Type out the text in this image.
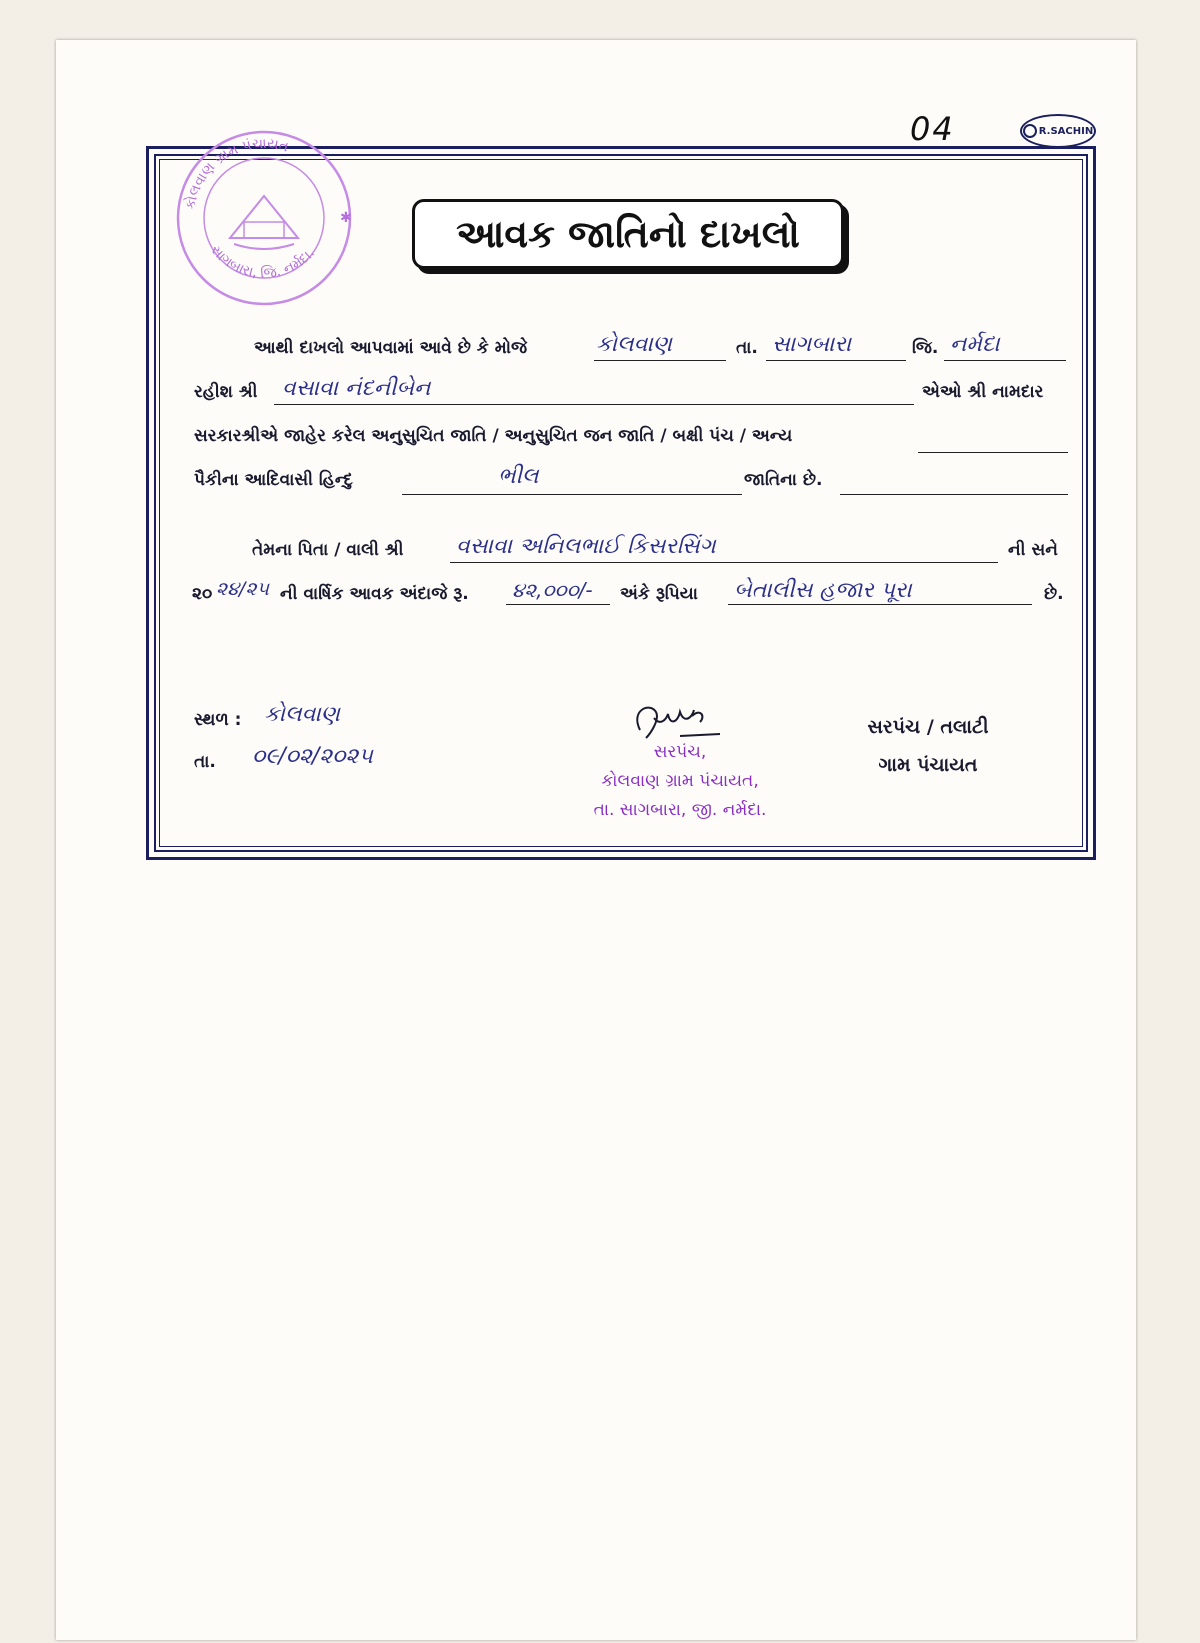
04	R.SACHIN
કોલવાણ ગ્રામ પંચાયત
સાગબારા, જિ. નર્મદા.
✱	આવક જાતિનો દાખલો
આથી દાખલો આપવામાં આવે છે કે મોજે	કોલવાણ	તા. સાગબારા	જિ. નર્મદા
રહીશ શ્રી વસાવા નંદનીબેન	એઓ શ્રી નામદાર
સરકારશ્રીએ જાહેર કરેલ અનુસુચિત જાતિ / અનુસુચિત જન જાતિ / બક્ષી પંચ / અન્ય
પૈકીના આદિવાસી હિન્દુ	ભીલ	જાતિના છે.
તેમના પિતા / વાલી શ્રી વસાવા અનિલભાઈ કિસરસિંગ	ની સને
૨૦ ૨૪/૨૫ ની વાર્ષિક આવક અંદાજે રૂ. ૪૨,૦૦૦/- અંકે રૂપિયા બેતાલીસ હજાર પૂરા	છે.
સ્થળ : કોલવાણ
તા. ૦૯/૦૨/૨૦૨૫	સરપંચ,
કોલવાણ ગ્રામ પંચાયત,
તા. સાગબારા, જી. નર્મદા.
સરપંચ / તલાટી
ગામ પંચાયત
